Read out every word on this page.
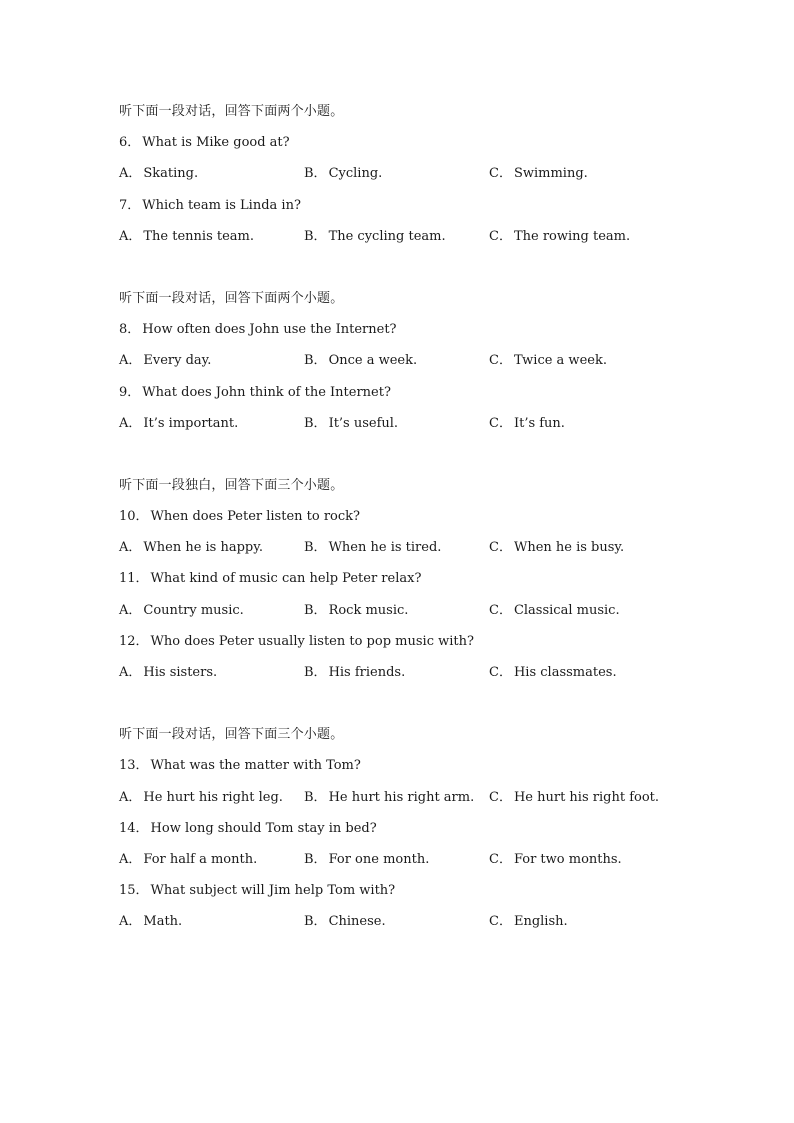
听下面一段对话，回答下面两个小题。
6． What is Mike good at?
A． Skating.	B． Cycling.	C． Swimming.
7． Which team is Linda in?
A． The tennis team.	B． The cycling team.	C． The rowing team.
听下面一段对话，回答下面两个小题。
8． How often does John use the Internet?
A． Every day.	B． Once a week.	C． Twice a week.
9． What does John think of the Internet?
A． It’s important.	B． It’s useful.	C． It’s fun.
听下面一段独白，回答下面三个小题。
10． When does Peter listen to rock?
A． When he is happy.	B． When he is tired.	C． When he is busy.
11． What kind of music can help Peter relax?
A． Country music.	B． Rock music.	C． Classical music.
12． Who does Peter usually listen to pop music with?
A． His sisters.	B． His friends.	C． His classmates.
听下面一段对话，回答下面三个小题。
13． What was the matter with Tom?
A． He hurt his right leg. B． He hurt his right arm. C． He hurt his right foot.
14． How long should Tom stay in bed?
A． For half a month.	B． For one month.	C． For two months.
15． What subject will Jim help Tom with?
A． Math.	B． Chinese.	C． English.
